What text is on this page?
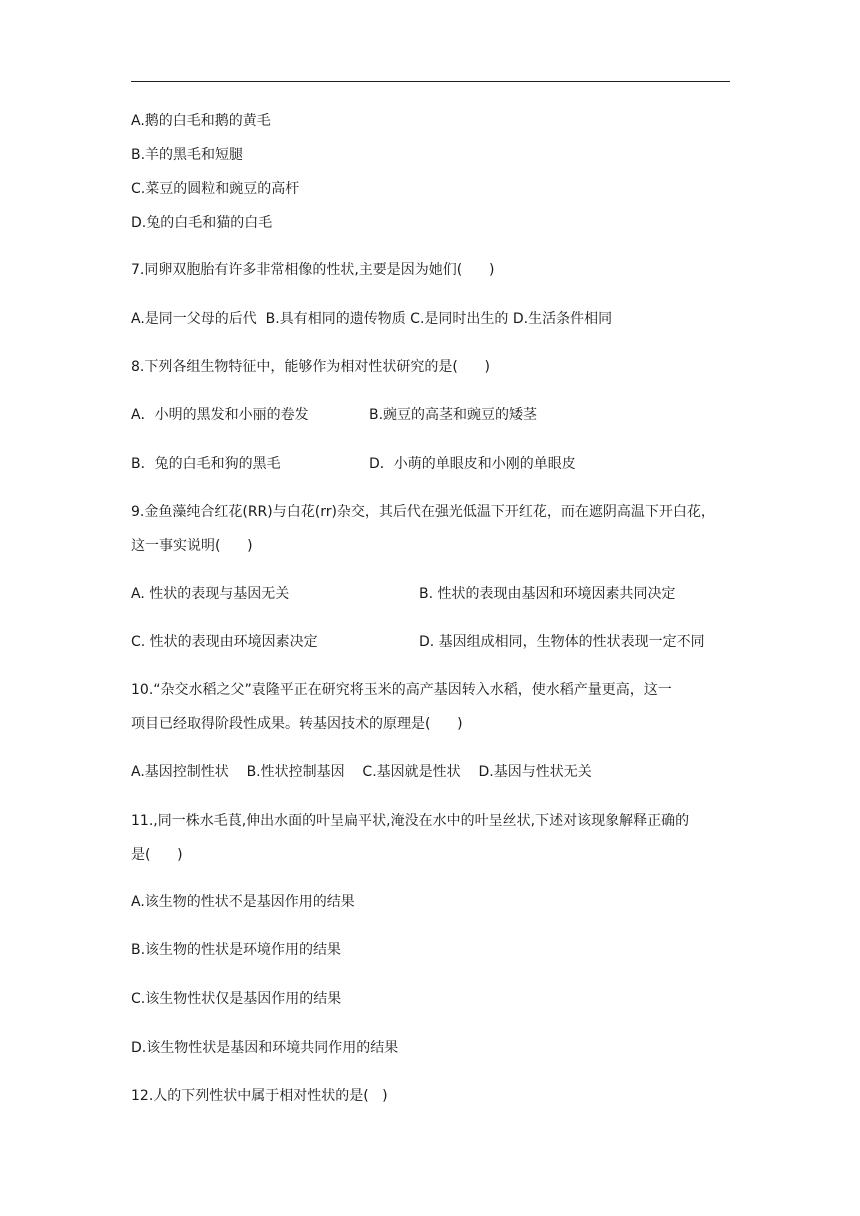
A.鹅的白毛和鹅的黄毛
B.羊的黑毛和短腿
C.菜豆的圆粒和豌豆的高杆
D.兔的白毛和猫的白毛
7.同卵双胞胎有许多非常相像的性状,主要是因为她们(      )
A.是同一父母的后代  B.具有相同的遗传物质 C.是同时出生的 D.生活条件相同
8.下列各组生物特征中，能够作为相对性状研究的是(      )
A．小明的黑发和小丽的卷发	B.豌豆的高茎和豌豆的矮茎
B．兔的白毛和狗的黑毛	D．小萌的单眼皮和小刚的单眼皮
9.金鱼藻纯合红花(RR)与白花(rr)杂交，其后代在强光低温下开红花，而在遮阴高温下开白花，
这一事实说明(      )
A. 性状的表现与基因无关	B. 性状的表现由基因和环境因素共同决定
C. 性状的表现由环境因素决定	D. 基因组成相同，生物体的性状表现一定不同
10.“杂交水稻之父”袁隆平正在研究将玉米的高产基因转入水稻，使水稻产量更高，这一
项目已经取得阶段性成果。转基因技术的原理是(      )
A.基因控制性状    B.性状控制基因    C.基因就是性状    D.基因与性状无关
11.,同一株水毛茛,伸出水面的叶呈扁平状,淹没在水中的叶呈丝状,下述对该现象解释正确的
是(      )
A.该生物的性状不是基因作用的结果
B.该生物的性状是环境作用的结果
C.该生物性状仅是基因作用的结果
D.该生物性状是基因和环境共同作用的结果
12.人的下列性状中属于相对性状的是(   )
